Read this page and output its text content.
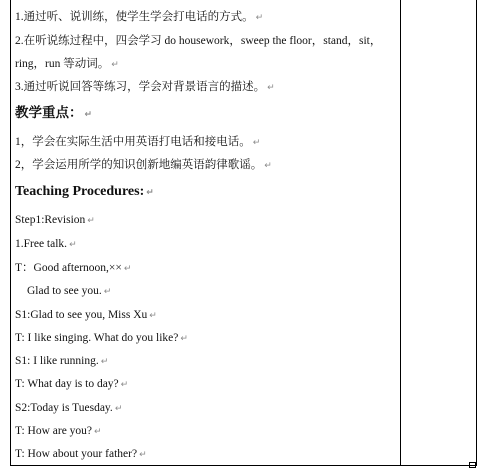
1.通过听、说训练，使学生学会打电话的方式。 ↵
2.在听说练过程中，四会学习 do housework，sweep the floor，stand，sit，
ring，run 等动词。 ↵
3.通过听说回答等练习，学会对背景语言的描述。 ↵
教学重点： ↵
1，学会在实际生活中用英语打电话和接电话。 ↵
2，学会运用所学的知识创新地编英语韵律歌谣。 ↵
Teaching Procedures: ↵
Step1:Revision ↵
1.Free talk. ↵
T：Good afternoon,×× ↵
Glad to see you. ↵
S1:Glad to see you, Miss Xu ↵
T: I like singing. What do you like? ↵
S1: I like running. ↵
T: What day is to day? ↵
S2:Today is Tuesday. ↵
T: How are you? ↵
T: How about your father? ↵
